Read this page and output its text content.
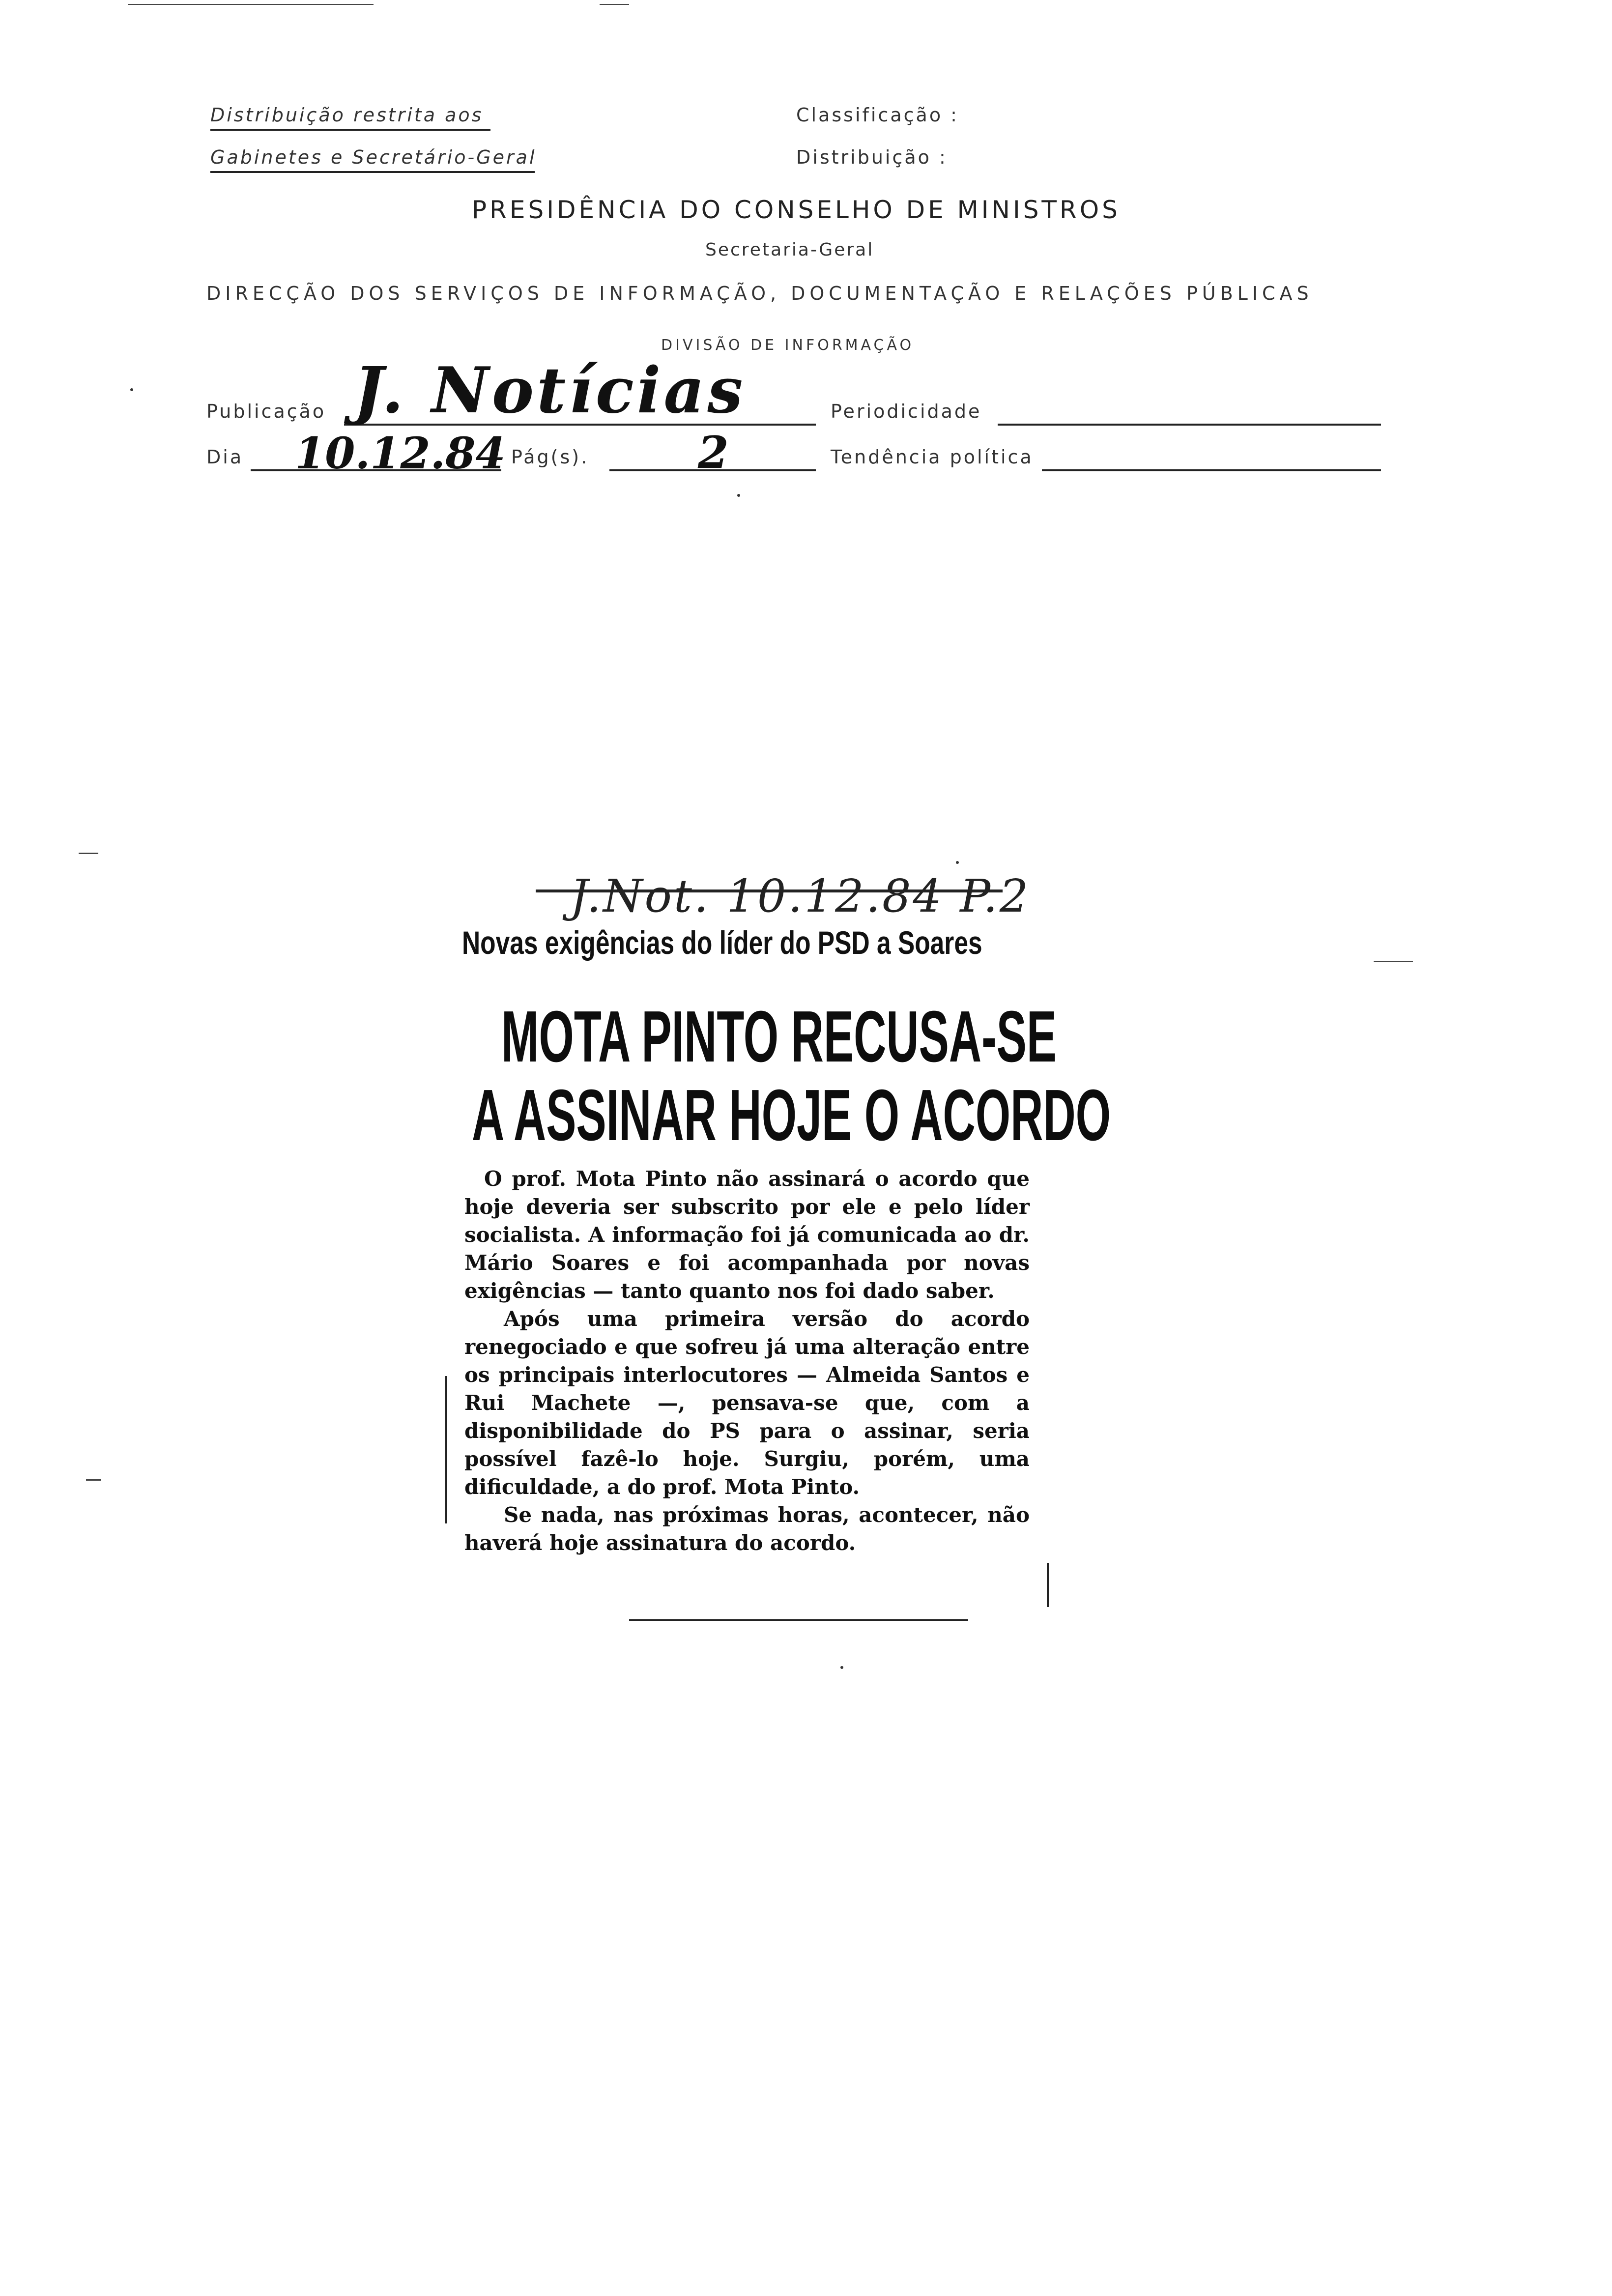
Distribuição restrita aos
Gabinetes e Secretário-Geral
Classificação :
Distribuição :
PRESIDÊNCIA DO CONSELHO DE MINISTROS
Secretaria-Geral
DIRECÇÃO DOS SERVIÇOS DE INFORMAÇÃO, DOCUMENTAÇÃO E RELAÇÕES PÚBLICAS
DIVISÃO DE INFORMAÇÃO
Publicação J. Notícias	Periodicidade
Dia 10.12.84 Pág(s). 2	Tendência política
J.Not. 10.12.84 P.2
Novas exigências do líder do PSD a Soares
MOTA PINTO RECUSA-SE
A ASSINAR HOJE O ACORDO

O prof. Mota Pinto não assinará o acordo que hoje deveria ser subscrito por ele e pelo líder socialista. A informação foi já comunicada ao dr. Mário Soares e foi acompanhada por novas exigências — tanto quanto nos foi dado saber.

Após uma primeira versão do acordo renegociado e que sofreu já uma alteração entre os principais interlocutores — Almeida Santos e Rui Machete —, pensava-se que, com a disponibilidade do PS para o assinar, seria possível fazê-lo hoje. Surgiu, porém, uma dificuldade, a do prof. Mota Pinto.

Se nada, nas próximas horas, acontecer, não haverá hoje assinatura do acordo.
